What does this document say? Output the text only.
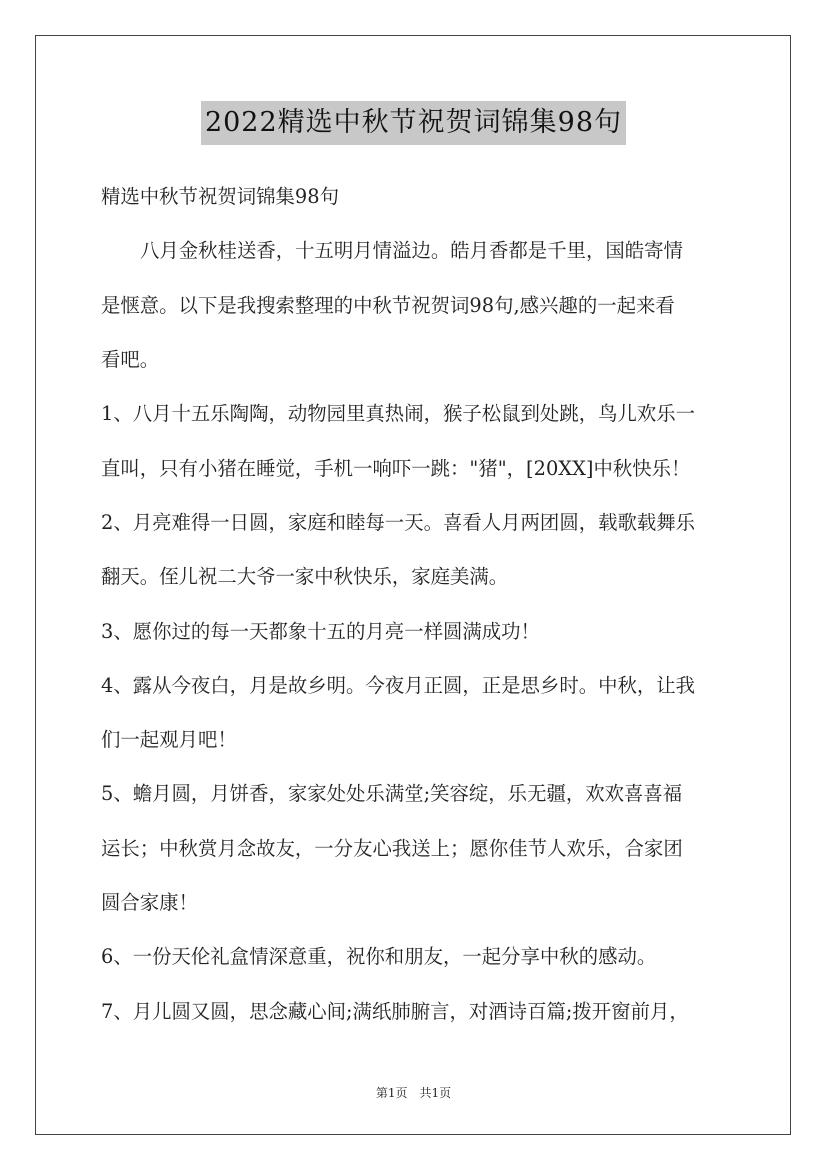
2022精选中秋节祝贺词锦集98句
精选中秋节祝贺词锦集98句
八月金秋桂送香，十五明月情溢边。皓月香都是千里，国皓寄情
是惬意。以下是我搜索整理的中秋节祝贺词98句,感兴趣的一起来看
看吧。
1、八月十五乐陶陶，动物园里真热闹，猴子松鼠到处跳，鸟儿欢乐一
直叫，只有小猪在睡觉，手机一响吓一跳："猪"，[20XX]中秋快乐！
2、月亮难得一日圆，家庭和睦每一天。喜看人月两团圆，载歌载舞乐
翻天。侄儿祝二大爷一家中秋快乐，家庭美满。
3、愿你过的每一天都象十五的月亮一样圆满成功！
4、露从今夜白，月是故乡明。今夜月正圆，正是思乡时。中秋，让我
们一起观月吧！
5、蟾月圆，月饼香，家家处处乐满堂;笑容绽，乐无疆，欢欢喜喜福
运长；中秋赏月念故友，一分友心我送上；愿你佳节人欢乐，合家团
圆合家康！
6、一份天伦礼盒情深意重，祝你和朋友，一起分享中秋的感动。
7、月儿圆又圆，思念藏心间;满纸肺腑言，对酒诗百篇;拨开窗前月，
第1页　共1页
